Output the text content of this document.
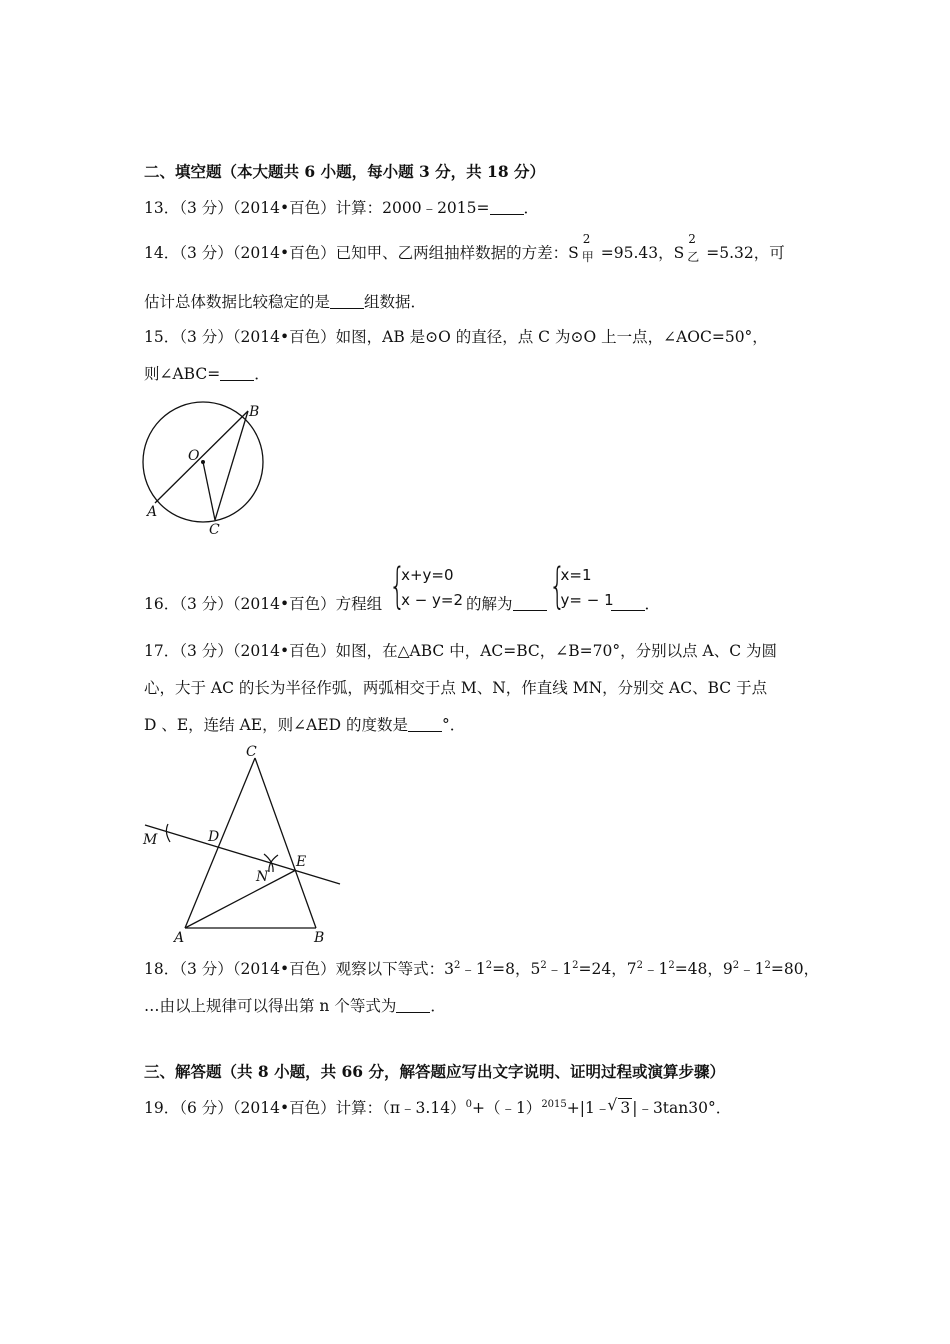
二、填空题（本大题共 6 小题，每小题 3 分，共 18 分）
13．（3 分）（2014•百色）计算：2000﹣2015= ．
14．（3 分）（2014•百色）已知甲、乙两组抽样数据的方差：S
2
甲 =95.43，S
2
乙 =5.32，可
估计总体数据比较稳定的是 组数据．
15．（3 分）（2014•百色）如图，AB 是⊙O 的直径，点 C 为⊙O 上一点，∠AOC=50°，
则∠ABC= ．
B
O
A
C
16．（3 分）（2014•百色）方程组 {
x+y=0
x − y=2 的解为 {
x=1
y= − 1 ．
17．（3 分）（2014•百色）如图，在△ABC 中，AC=BC，∠B=70°，分别以点 A、C 为圆
心，大于 AC 的长为半径作弧，两弧相交于点 M、N，作直线 MN，分别交 AC、BC 于点
D 、E，连结 AE，则∠AED 的度数是 °．
C
M	D
E
N
A	B
18．（3 分）（2014•百色）观察以下等式：$3^2﹣1^2=8$，$5^2﹣1^2=24$，$7^2﹣1^2=48$，$9^2﹣1^2=80$，
…由以上规律可以得出第 n 个等式为 ．
三、解答题（共 8 小题，共 66 分，解答题应写出文字说明、证明过程或演算步骤）
19．（6 分）（2014•百色）计算：（π﹣3.14）$^0$+（﹣1）$^{2015}$+|1﹣√ 3 |﹣3tan30°．
